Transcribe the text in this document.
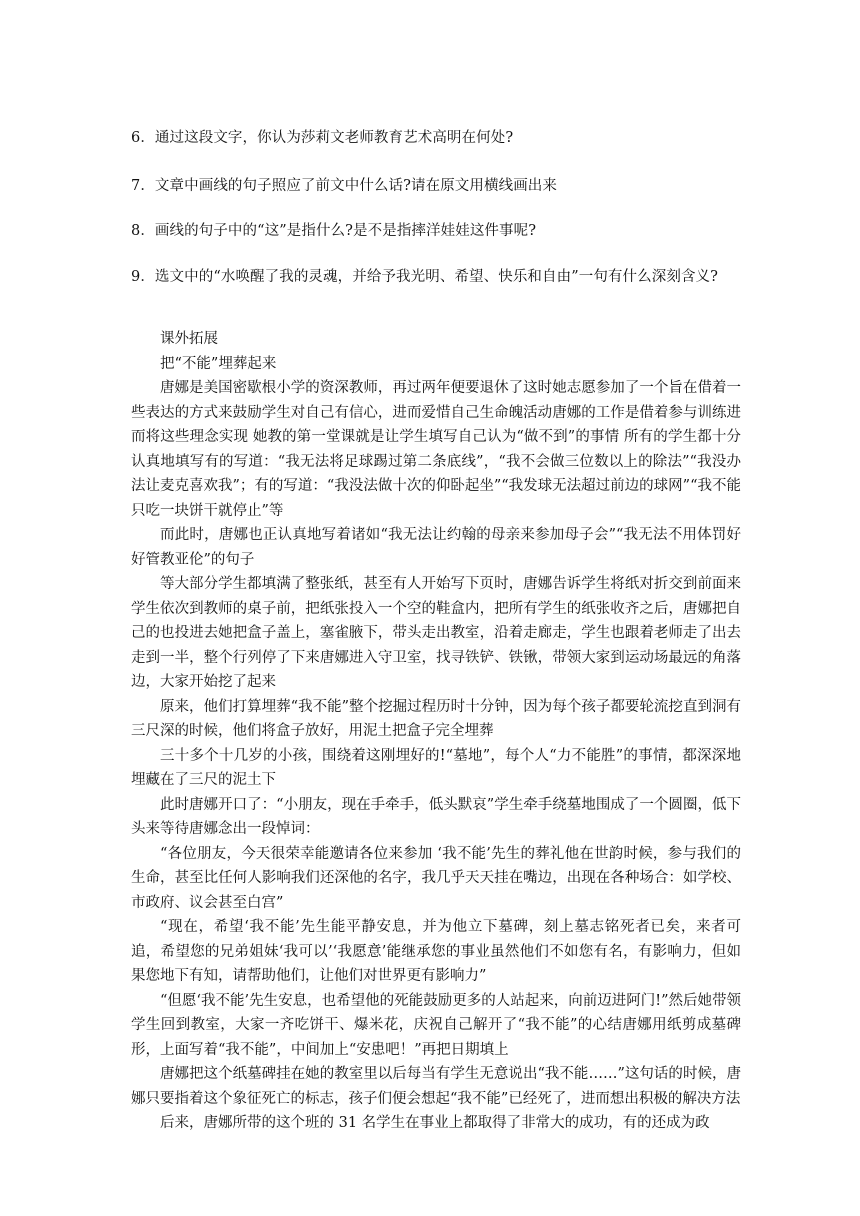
6．通过这段文字，你认为莎莉文老师教育艺术高明在何处?

7．文章中画线的句子照应了前文中什么话?请在原文用横线画出来

8．画线的句子中的“这”是指什么?是不是指摔洋娃娃这件事呢?

9．选文中的“水唤醒了我的灵魂，并给予我光明、希望、快乐和自由”一句有什么深刻含义?

课外拓展

把“不能”埋葬起来

唐娜是美国密歇根小学的资深教师，再过两年便要退休了这时她志愿参加了一个旨在借着一些表达的方式来鼓励学生对自己有信心，进而爱惜自己生命魄活动唐娜的工作是借着参与训练进而将这些理念实现 她教的第一堂课就是让学生填写自己认为“做不到”的事情 所有的学生都十分认真地填写有的写道：“我无法将足球踢过第二条底线”，“我不会做三位数以上的除法”“我没办法让麦克喜欢我”；有的写道：“我没法做十次的仰卧起坐”“我发球无法超过前边的球网”“我不能只吃一块饼干就停止”等

而此时，唐娜也正认真地写着诸如“我无法让约翰的母亲来参加母子会”“我无法不用体罚好好管教亚伦”的句子

等大部分学生都填满了整张纸，甚至有人开始写下页时，唐娜告诉学生将纸对折交到前面来学生依次到教师的桌子前，把纸张投入一个空的鞋盒内，把所有学生的纸张收齐之后，唐娜把自己的也投进去她把盒子盖上，塞雀腋下，带头走出教室，沿着走廊走，学生也跟着老师走了出去走到一半，整个行列停了下来唐娜进入守卫室，找寻铁铲、铁锹，带领大家到运动场最远的角落边，大家开始挖了起来

原来，他们打算埋葬“我不能”整个挖掘过程历时十分钟，因为每个孩子都要轮流挖直到洞有三尺深的时候，他们将盒子放好，用泥土把盒子完全埋葬

三十多个十几岁的小孩，围绕着这刚埋好的!“墓地”，每个人“力不能胜”的事情，都深深地埋藏在了三尺的泥土下

此时唐娜开口了：“小朋友，现在手牵手，低头默哀”学生牵手绕墓地围成了一个圆圈，低下头来等待唐娜念出一段悼词：

“各位朋友，今天很荣幸能邀请各位来参加 ‘我不能’先生的葬礼他在世韵时候，参与我们的生命，甚至比任何人影响我们还深他的名字，我几乎天天挂在嘴边，出现在各种场合：如学校、市政府、议会甚至白宫”

“现在，希望‘我不能’先生能平静安息，并为他立下墓碑，刻上墓志铭死者已矣，来者可追，希望您的兄弟姐妹‘我可以’‘我愿意’能继承您的事业虽然他们不如您有名，有影响力，但如果您地下有知，请帮助他们，让他们对世界更有影响力”

“但愿‘我不能’先生安息，也希望他的死能鼓励更多的人站起来，向前迈进阿门!”然后她带领学生回到教室，大家一齐吃饼干、爆米花，庆祝自己解开了“我不能”的心结唐娜用纸剪成墓碑形，上面写着“我不能”，中间加上“安患吧！”再把日期填上

唐娜把这个纸墓碑挂在她的教室里以后每当有学生无意说出“我不能……”这句话的时候，唐娜只要指着这个象征死亡的标志，孩子们便会想起“我不能”已经死了，进而想出积极的解决方法

后来，唐娜所带的这个班的 31 名学生在事业上都取得了非常大的成功，有的还成为政
